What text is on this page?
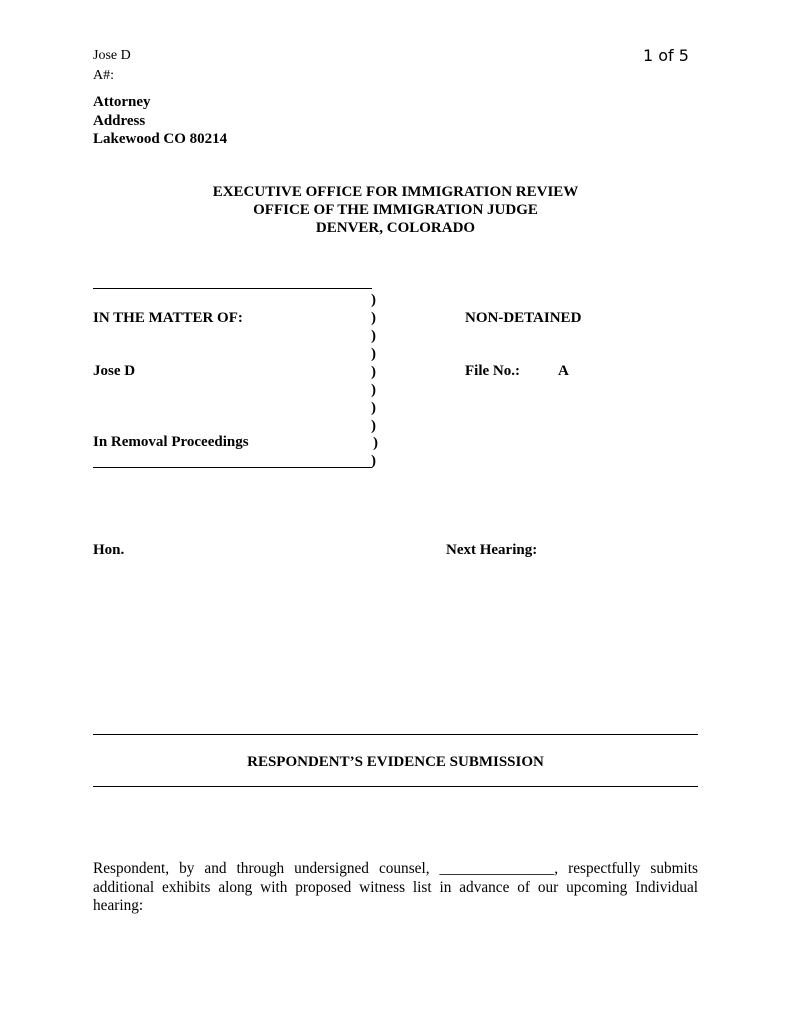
Jose D
A#:
1 of 5
Attorney
Address
Lakewood CO 80214
EXECUTIVE OFFICE FOR IMMIGRATION REVIEW
OFFICE OF THE IMMIGRATION JUDGE
DENVER, COLORADO
)
)
)
)
)
)
)
)
)
)
IN THE MATTER OF:
Jose D
In Removal Proceedings
NON-DETAINED
File No.:	A
Hon.	Next Hearing:
RESPONDENT’S EVIDENCE SUBMISSION
Respondent, by and through undersigned counsel, _______________, respectfully submits additional exhibits along with proposed witness list in advance of our upcoming Individual hearing:
